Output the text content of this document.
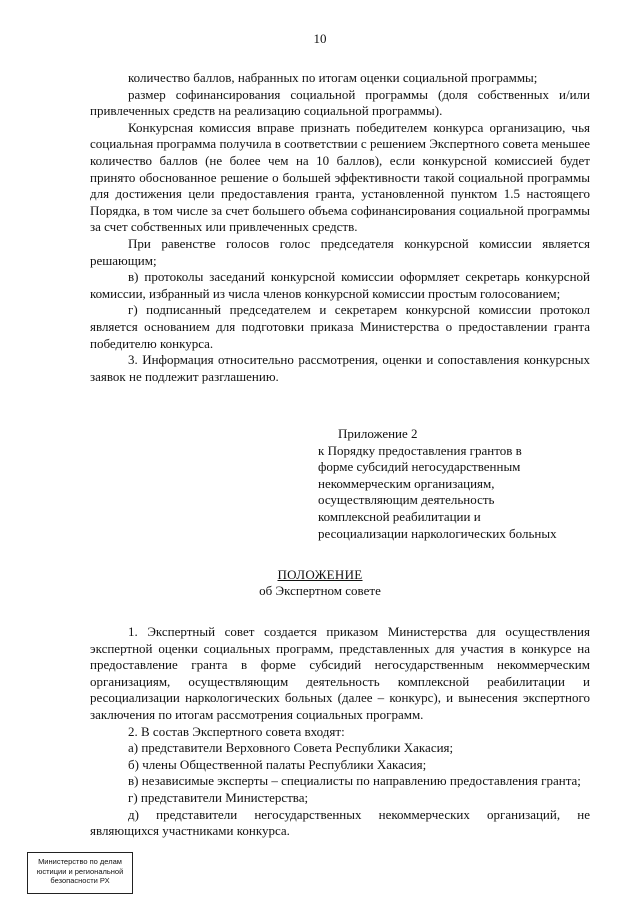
10

количество баллов, набранных по итогам оценки социальной программы;

размер софинансирования социальной программы (доля собственных и/или привлеченных средств на реализацию социальной программы).

Конкурсная комиссия вправе признать победителем конкурса организацию, чья социальная программа получила в соответствии с решением Экспертного совета меньшее количество баллов (не более чем на 10 баллов), если конкурсной комиссией будет принято обоснованное решение о большей эффективности такой социальной программы для достижения цели предоставления гранта, установленной пунктом 1.5 настоящего Порядка, в том числе за счет большего объема софинансирования социальной программы за счет собственных или привлеченных средств.

При равенстве голосов голос председателя конкурсной комиссии является решающим;

в) протоколы заседаний конкурсной комиссии оформляет секретарь конкурсной комиссии, избранный из числа членов конкурсной комиссии простым голосованием;

г) подписанный председателем и секретарем конкурсной комиссии протокол является основанием для подготовки приказа Министерства о предоставлении гранта победителю конкурса.

3. Информация относительно рассмотрения, оценки и сопоставления конкурсных заявок не подлежит разглашению.

Приложение 2
к Порядку предоставления грантов в
форме субсидий негосударственным
некоммерческим организациям,
осуществляющим деятельность
комплексной реабилитации и
ресоциализации наркологических больных
ПОЛОЖЕНИЕ
об Экспертном совете

1. Экспертный совет создается приказом Министерства для осуществления экспертной оценки социальных программ, представленных для участия в конкурсе на предоставление гранта в форме субсидий негосударственным некоммерческим организациям, осуществляющим деятельность комплексной реабилитации и ресоциализации наркологических больных (далее – конкурс), и вынесения экспертного заключения по итогам рассмотрения социальных программ.

2. В состав Экспертного совета входят:

а) представители Верховного Совета Республики Хакасия;

б) члены Общественной палаты Республики Хакасия;

в) независимые эксперты – специалисты по направлению предоставления гранта;

г) представители Министерства;

д) представители негосударственных некоммерческих организаций, не являющихся участниками конкурса.

Министерство по делам
юстиции и региональной
безопасности РХ
